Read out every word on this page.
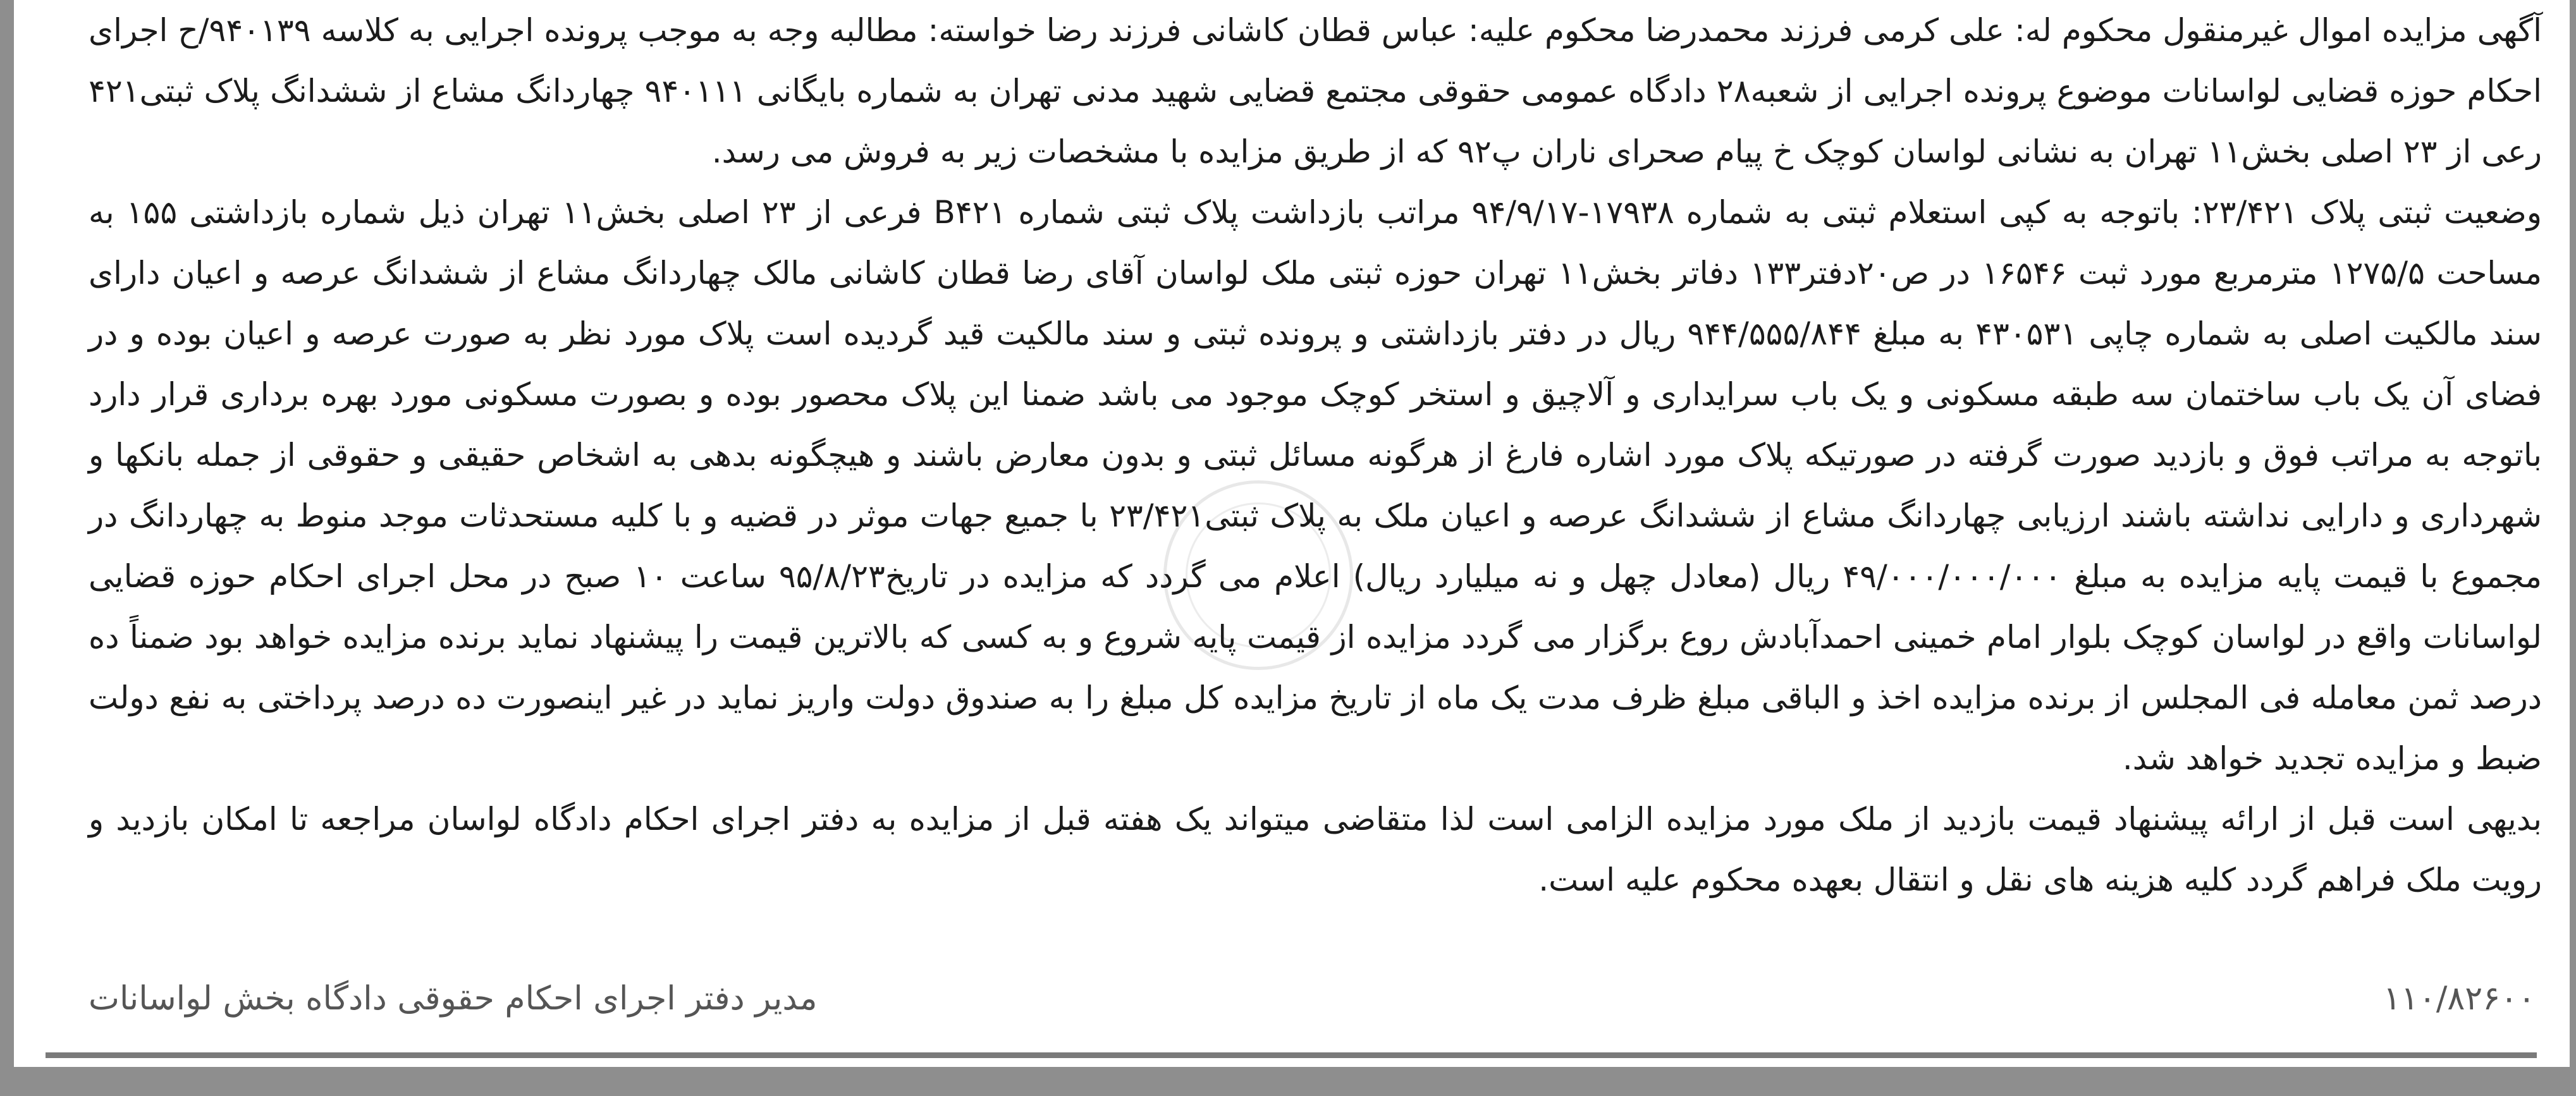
آگهی مزایده اموال غیرمنقول محکوم له: علی کرمی فرزند محمدرضا محکوم علیه: عباس قطان کاشانی فرزند رضا خواسته: مطالبه وجه به موجب پرونده اجرایی به کلاسه ۹۴۰۱۳۹/ح اجرای احکام حوزه قضایی لواسانات موضوع پرونده اجرایی از شعبه۲۸ دادگاه عمومی حقوقی مجتمع قضایی شهید مدنی تهران به شماره بایگانی ۹۴۰۱۱۱ چهاردانگ مشاع از ششدانگ پلاک ثبتی۴۲۱ رعی از ۲۳ اصلی بخش۱۱ تهران به نشانی لواسان کوچک خ پیام صحرای ناران پ۹۲ که از طریق مزایده با مشخصات زیر به فروش می رسد.

وضعیت ثبتی پلاک ۲۳/۴۲۱: باتوجه به کپی استعلام ثبتی به شماره ۱۷۹۳۸-۹۴/۹/۱۷ مراتب بازداشت پلاک ثبتی شماره B۴۲۱ فرعی از ۲۳ اصلی بخش۱۱ تهران ذیل شماره بازداشتی ۱۵۵ به مساحت ۱۲۷۵/۵ مترمربع مورد ثبت ۱۶۵۴۶ در ص۲۰دفتر۱۳۳ دفاتر بخش۱۱ تهران حوزه ثبتی ملک لواسان آقای رضا قطان کاشانی مالک چهاردانگ مشاع از ششدانگ عرصه و اعیان دارای سند مالکیت اصلی به شماره چاپی ۴۳۰۵۳۱ به مبلغ ۹۴۴/۵۵۵/۸۴۴ ریال در دفتر بازداشتی و پرونده ثبتی و سند مالکیت قید گردیده است پلاک مورد نظر به صورت عرصه و اعیان بوده و در فضای آن یک باب ساختمان سه طبقه مسکونی و یک باب سرایداری و آلاچیق و استخر کوچک موجود می باشد ضمنا این پلاک محصور بوده و بصورت مسکونی مورد بهره برداری قرار دارد باتوجه به مراتب فوق و بازدید صورت گرفته در صورتیکه پلاک مورد اشاره فارغ از هرگونه مسائل ثبتی و بدون معارض باشند و هیچگونه بدهی به اشخاص حقیقی و حقوقی از جمله بانکها و شهرداری و دارایی نداشته باشند ارزیابی چهاردانگ مشاع از ششدانگ عرصه و اعیان ملک به پلاک ثبتی۲۳/۴۲۱ با جمیع جهات موثر در قضیه و با کلیه مستحدثات موجد منوط به چهاردانگ در مجموع با قیمت پایه مزایده به مبلغ ۴۹/۰۰۰/۰۰۰/۰۰۰ ریال (معادل چهل و نه میلیارد ریال) اعلام می گردد که مزایده در تاریخ۹۵/۸/۲۳ ساعت ۱۰ صبح در محل اجرای احکام حوزه قضایی لواسانات واقع در لواسان کوچک بلوار امام خمینی احمدآبادش روع برگزار می گردد مزایده از قیمت پایه شروع و به کسی که بالاترین قیمت را پیشنهاد نماید برنده مزایده خواهد بود ضمناً ده درصد ثمن معامله فی المجلس از برنده مزایده اخذ و الباقی مبلغ ظرف مدت یک ماه از تاریخ مزایده کل مبلغ را به صندوق دولت واریز نماید در غیر اینصورت ده درصد پرداختی به نفع دولت ضبط و مزایده تجدید خواهد شد.

بدیهی است قبل از ارائه پیشنهاد قیمت بازدید از ملک مورد مزایده الزامی است لذا متقاضی میتواند یک هفته قبل از مزایده به دفتر اجرای احکام دادگاه لواسان مراجعه تا امکان بازدید و رویت ملک فراهم گردد کلیه هزینه های نقل و انتقال بعهده محکوم علیه است.

مدیر دفتر اجرای احکام حقوقی دادگاه بخش لواسانات	۱۱۰/۸۲۶۰۰
